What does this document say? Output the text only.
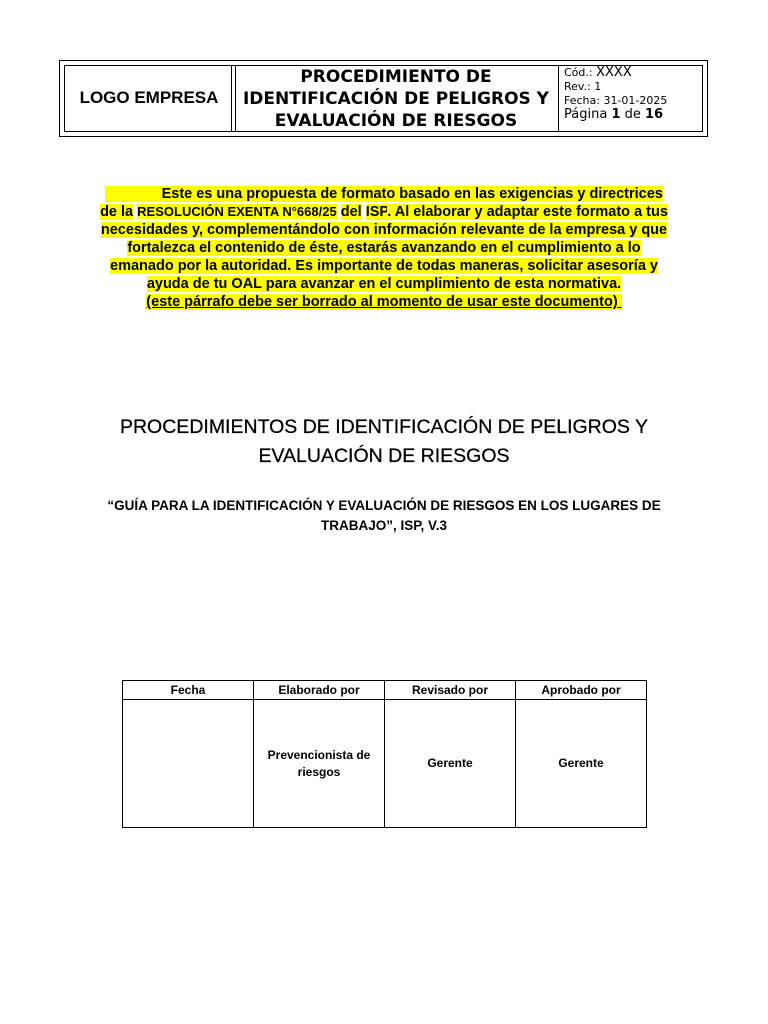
LOGO EMPRESA
PROCEDIMIENTO DE
IDENTIFICACIÓN DE PELIGROS Y
EVALUACIÓN DE RIESGOS
Cód.: XXXX
Rev.: 1
Fecha: 31-01-2025
Página 1 de 16
Este es una propuesta de formato basado en las exigencias y directrices de la RESOLUCIÓN EXENTA N°668/25 del ISP. Al elaborar y adaptar este formato a tus necesidades y, complementándolo con información relevante de la empresa y que fortalezca el contenido de éste, estarás avanzando en el cumplimiento a lo emanado por la autoridad. Es importante de todas maneras, solicitar asesoría y ayuda de tu OAL para avanzar en el cumplimiento de esta normativa.
(este párrafo debe ser borrado al momento de usar este documento)
PROCEDIMIENTOS DE IDENTIFICACIÓN DE PELIGROS Y EVALUACIÓN DE RIESGOS
“GUÍA PARA LA IDENTIFICACIÓN Y EVALUACIÓN DE RIESGOS EN LOS LUGARES DE TRABAJO”, ISP, V.3
Fecha	Elaborado por	Revisado por	Aprobado por
	Prevencionista de riesgos	Gerente	Gerente
